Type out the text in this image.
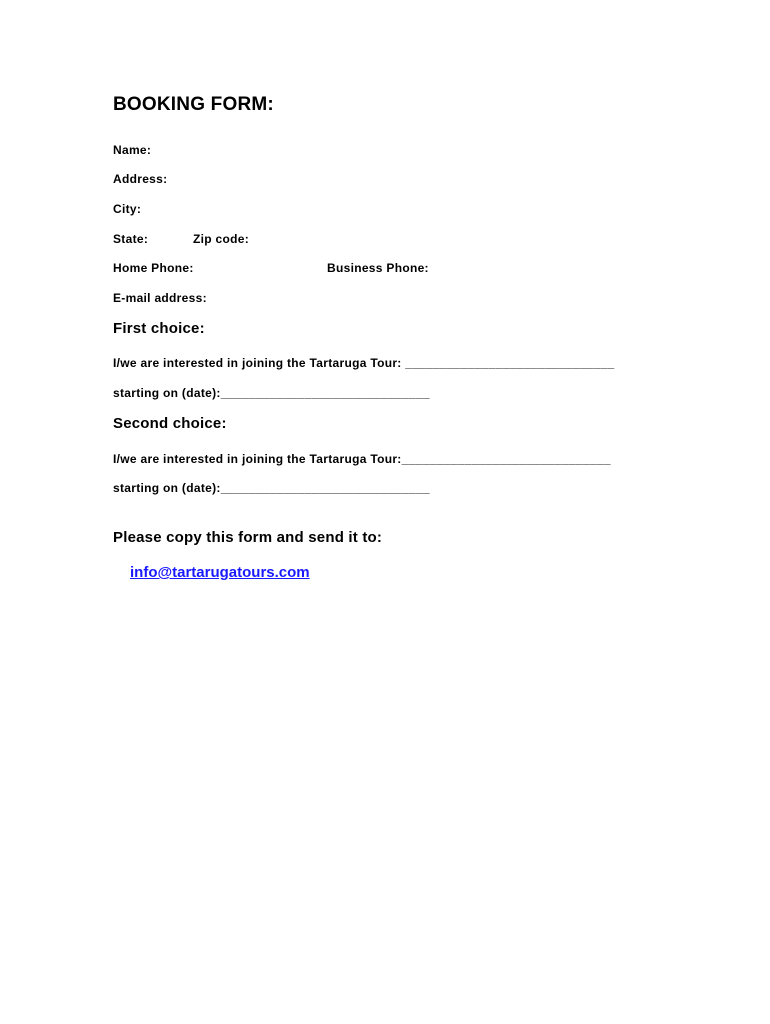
BOOKING FORM:
Name:
Address:
City:
State:	Zip code:
Home Phone:	Business Phone:
E-mail address:
First choice:
I/we are interested in joining the Tartaruga Tour: ______________________________
starting on (date):______________________________
Second choice:
I/we are interested in joining the Tartaruga Tour:______________________________
starting on (date):______________________________
Please copy this form and send it to:
info@tartarugatours.com
